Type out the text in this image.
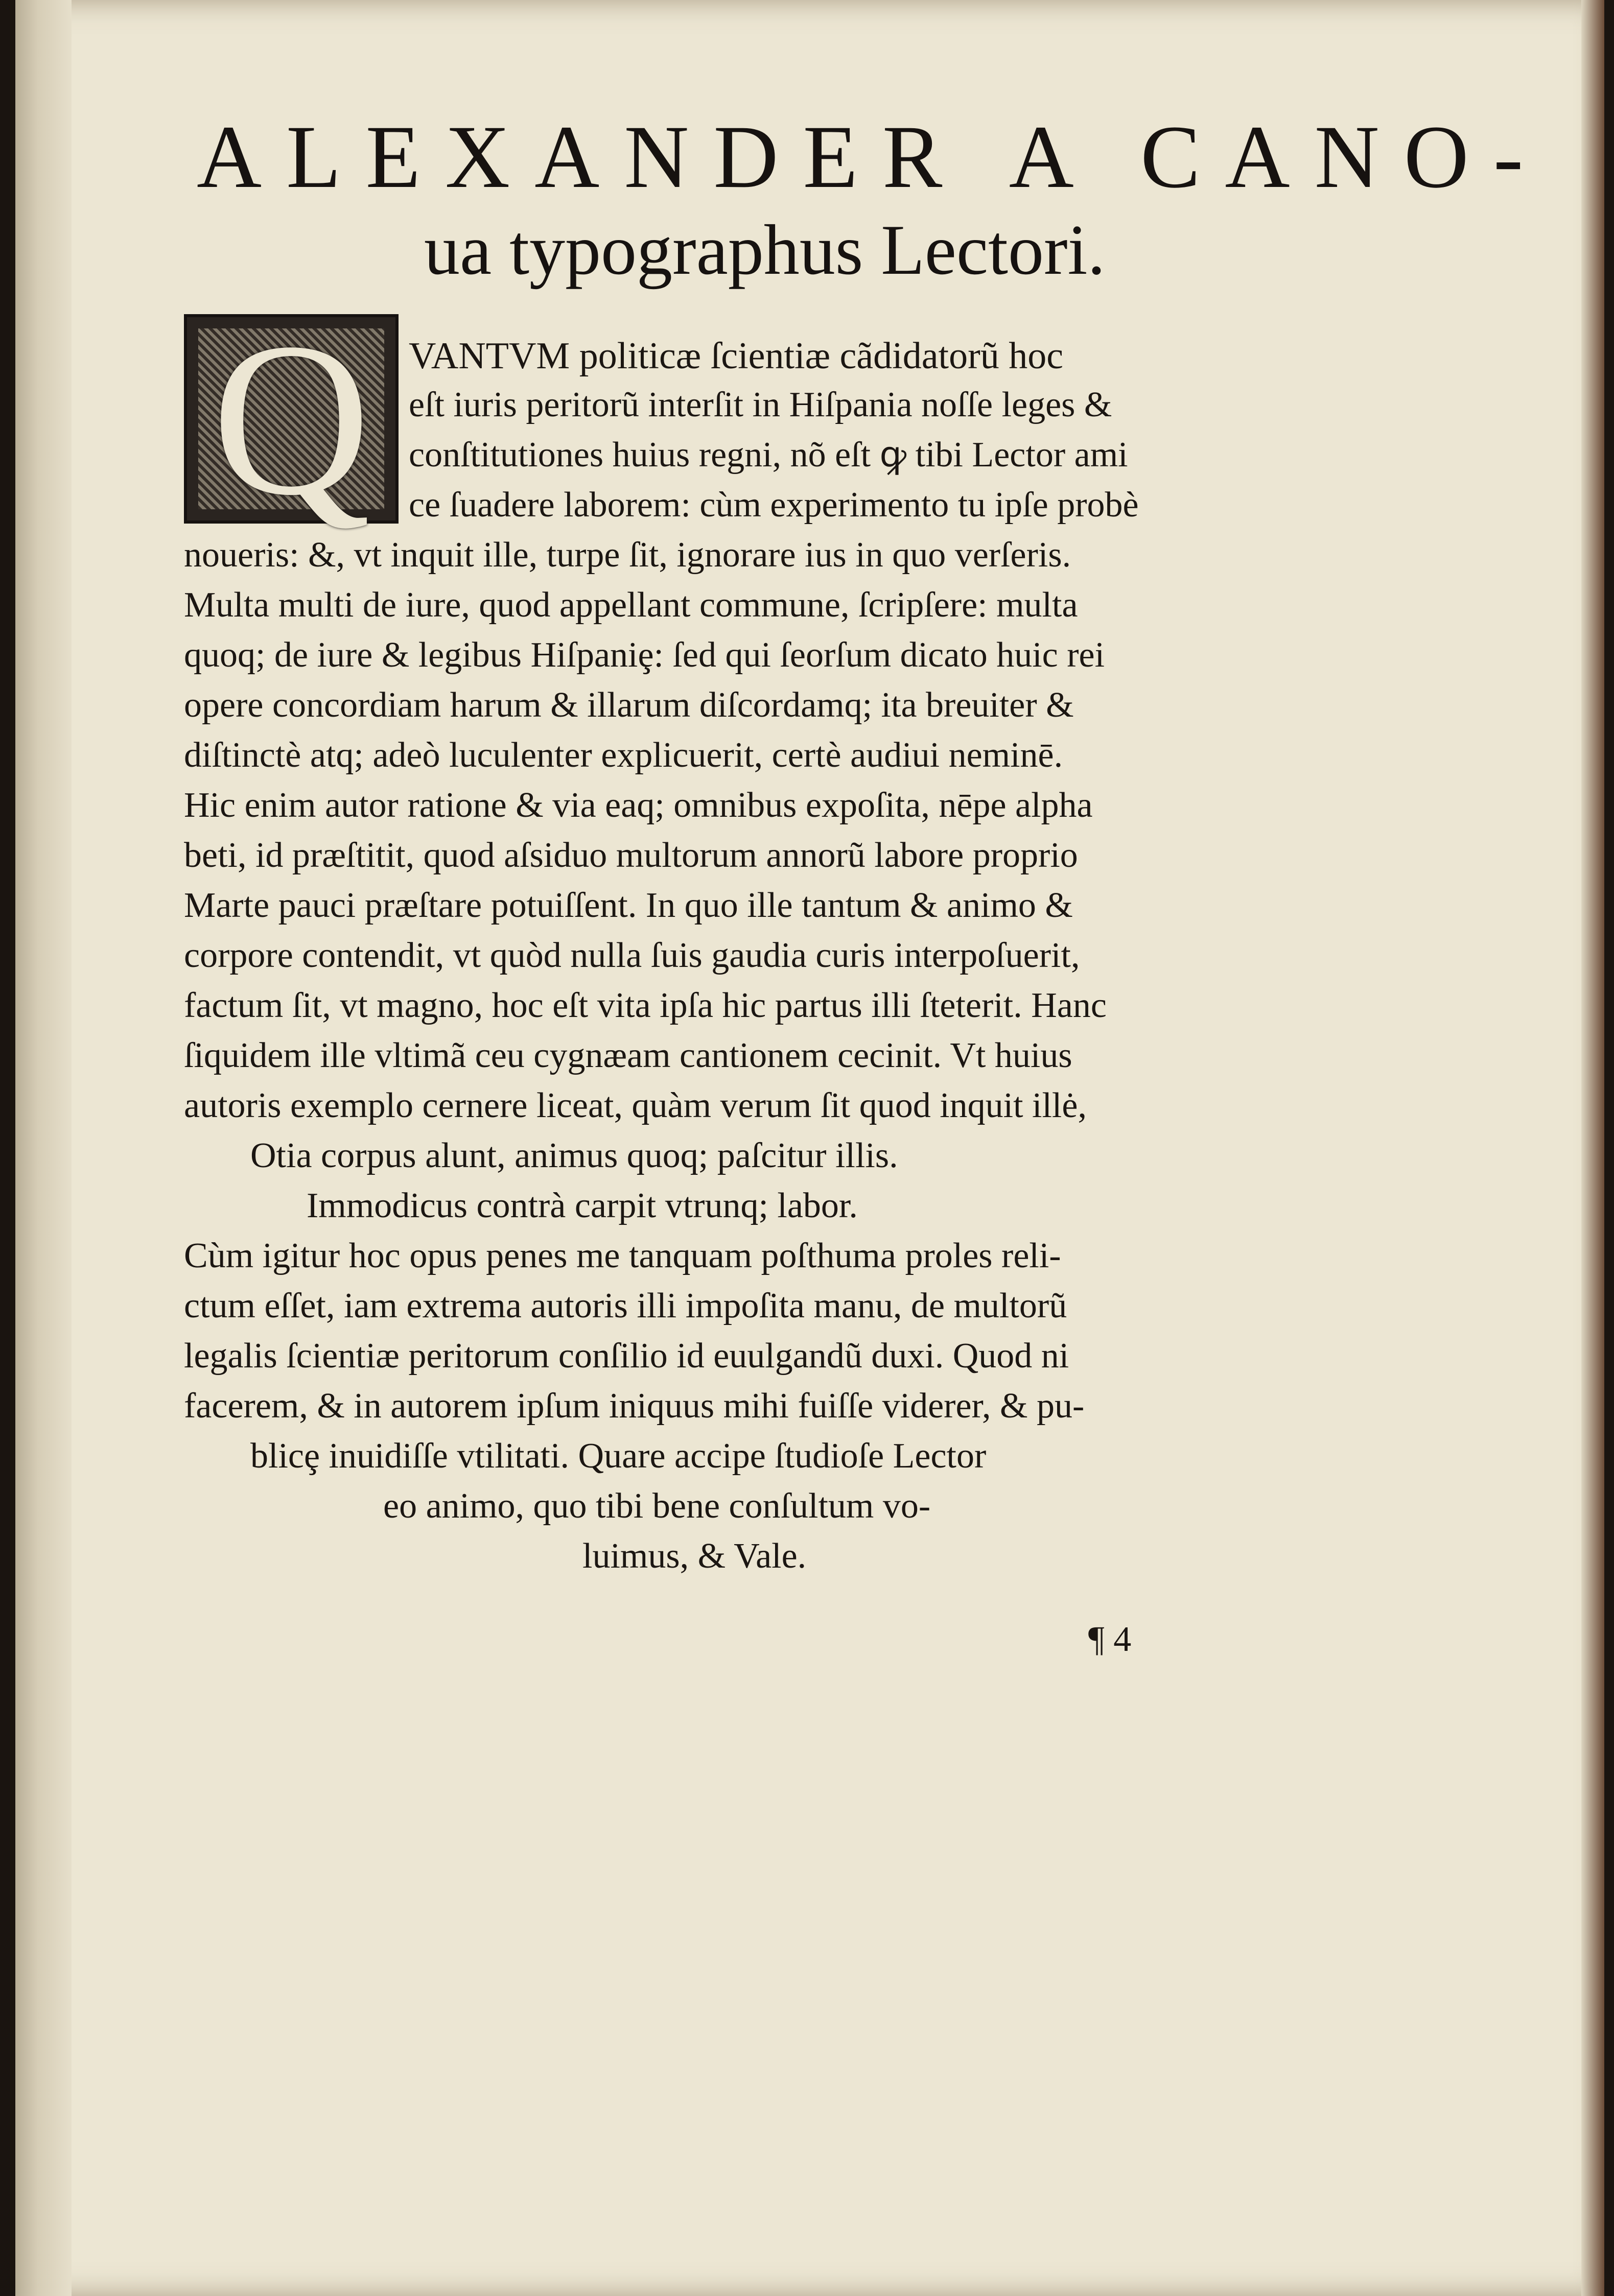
ALEXANDER A CANO-
ua typographus Lectori.
Q	VANTVM politicæ ſcientiæ cãdidatorũ hoc
eſt iuris peritorũ interſit in Hiſpania noſſe leges &
conſtitutiones huius regni, nõ eſt ꝙ tibi Lector ami
ce ſuadere laborem: cùm experimento tu ipſe probè
noueris: &, vt inquit ille, turpe ſit, ignorare ius in quo verſeris.
Multa multi de iure, quod appellant commune, ſcripſere: multa
quoq; de iure & legibus Hiſpaniȩ: ſed qui ſeorſum dicato huic rei
opere concordiam harum & illarum diſcordamq; ita breuiter &
diſtinctè atq; adeò luculenter explicuerit, certè audiui neminē.
Hic enim autor ratione & via eaq; omnibus expoſita, nēpe alpha
beti, id præſtitit, quod aſsiduo multorum annorũ labore proprio
Marte pauci præſtare potuiſſent. In quo ille tantum & animo &
corpore contendit, vt quòd nulla ſuis gaudia curis interpoſuerit,
factum ſit, vt magno, hoc eſt vita ipſa hic partus illi ſteterit. Hanc
ſiquidem ille vltimã ceu cygnæam cantionem cecinit. Vt huius
autoris exemplo cernere liceat, quàm verum ſit quod inquit illė,
Otia corpus alunt, animus quoq; paſcitur illis.
Immodicus contrà carpit vtrunq; labor.
Cùm igitur hoc opus penes me tanquam poſthuma proles reli-
ctum eſſet, iam extrema autoris illi impoſita manu, de multorũ
legalis ſcientiæ peritorum conſilio id euulgandũ duxi. Quod ni
facerem, & in autorem ipſum iniquus mihi fuiſſe viderer, & pu-
blicȩ inuidiſſe vtilitati. Quare accipe ſtudioſe Lector
eo animo, quo tibi bene conſultum vo-
luimus, & Vale.
¶ 4
